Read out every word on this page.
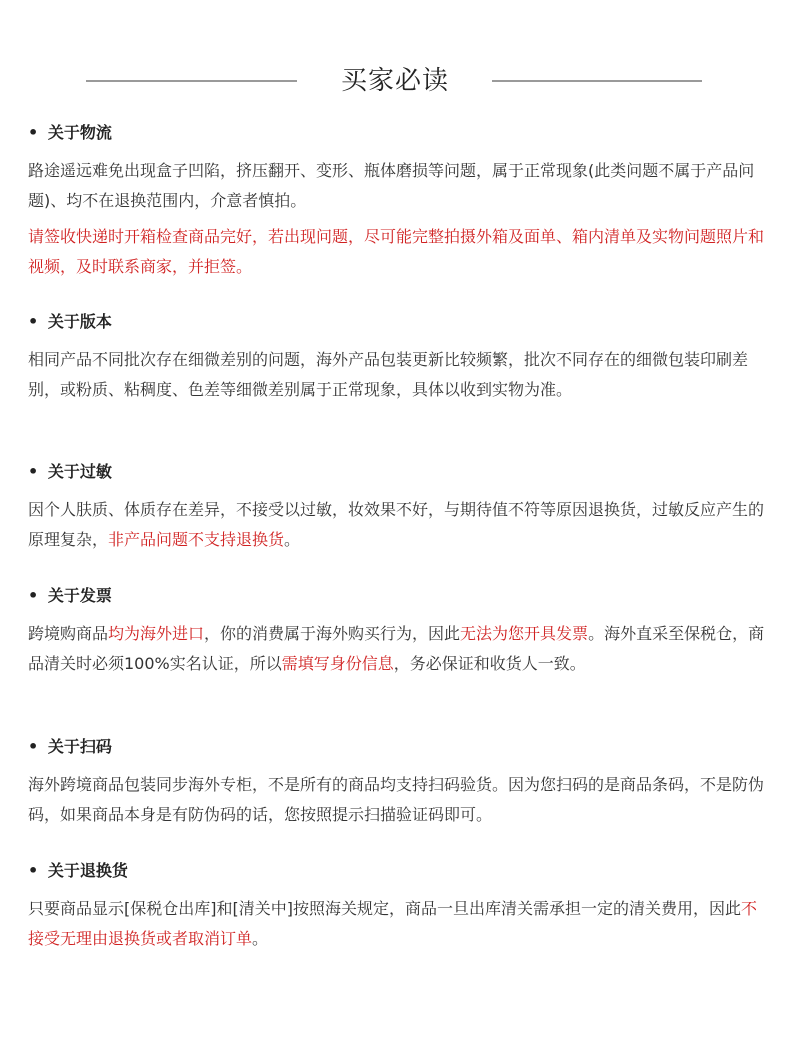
买家必读
• 关于物流

路途遥远难免出现盒子凹陷，挤压翻开、变形、瓶体磨损等问题，属于正常现象(此类问题不属于产品问题)、均不在退换范围内，介意者慎拍。

请签收快递时开箱检查商品完好，若出现问题，尽可能完整拍摄外箱及面单、箱内清单及实物问题照片和视频，及时联系商家，并拒签。

• 关于版本

相同产品不同批次存在细微差别的问题，海外产品包装更新比较频繁，批次不同存在的细微包装印刷差别，或粉质、粘稠度、色差等细微差别属于正常现象，具体以收到实物为准。

• 关于过敏

因个人肤质、体质存在差异，不接受以过敏，妆效果不好，与期待值不符等原因退换货，过敏反应产生的原理复杂，非产品问题不支持退换货。

• 关于发票

跨境购商品均为海外进口，你的消费属于海外购买行为，因此无法为您开具发票。海外直采至保税仓，商品清关时必须100%实名认证，所以需填写身份信息，务必保证和收货人一致。

• 关于扫码

海外跨境商品包装同步海外专柜，不是所有的商品均支持扫码验货。因为您扫码的是商品条码，不是防伪码，如果商品本身是有防伪码的话，您按照提示扫描验证码即可。

• 关于退换货

只要商品显示[保税仓出库]和[清关中]按照海关规定，商品一旦出库清关需承担一定的清关费用，因此不接受无理由退换货或者取消订单。
